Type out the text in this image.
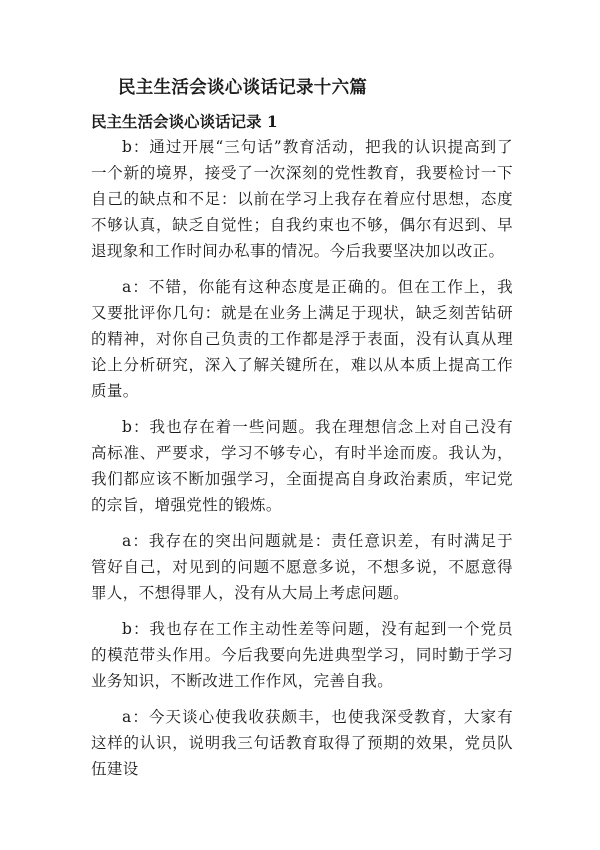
民主生活会谈心谈话记录十六篇
民主生活会谈心谈话记录 1

b：通过开展“三句话”教育活动，把我的认识提高到了一个新的境界，接受了一次深刻的党性教育，我要检讨一下自己的缺点和不足：以前在学习上我存在着应付思想，态度不够认真，缺乏自觉性；自我约束也不够，偶尔有迟到、早退现象和工作时间办私事的情况。今后我要坚决加以改正。

a：不错，你能有这种态度是正确的。但在工作上，我又要批评你几句：就是在业务上满足于现状，缺乏刻苦钻研的精神，对你自己负责的工作都是浮于表面，没有认真从理论上分析研究，深入了解关键所在，难以从本质上提高工作质量。

b：我也存在着一些问题。我在理想信念上对自己没有高标准、严要求，学习不够专心，有时半途而废。我认为，我们都应该不断加强学习，全面提高自身政治素质，牢记党的宗旨，增强党性的锻炼。

a：我存在的突出问题就是：责任意识差，有时满足于管好自己，对见到的问题不愿意多说，不想多说，不愿意得罪人，不想得罪人，没有从大局上考虑问题。

b：我也存在工作主动性差等问题，没有起到一个党员的模范带头作用。今后我要向先进典型学习，同时勤于学习业务知识，不断改进工作作风，完善自我。

a：今天谈心使我收获颇丰，也使我深受教育，大家有这样的认识，说明我三句话教育取得了预期的效果，党员队伍建设
